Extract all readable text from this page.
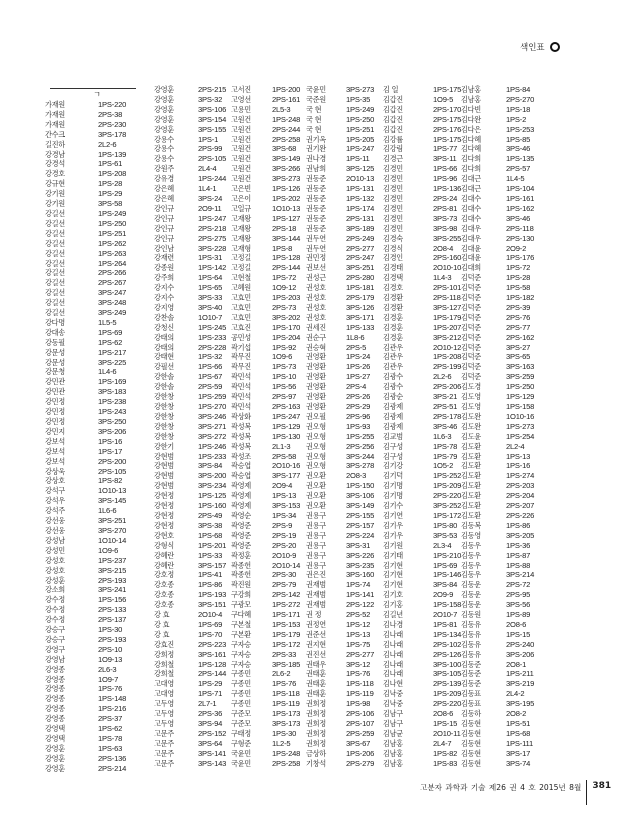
색인표
ㄱ
가재원	1PS-220
가재원	2PS-38
가재원	2PS-230
간수크	3PS-178
길진하	2L2-6
강경남	1PS-139
강경석	1PS-61
강경호	1PS-208
강규현	1PS-28
강기원	1PS-29
강기원	3PS-58
강길선	1PS-249
강길선	1PS-250
강길선	1PS-251
강길선	1PS-262
강길선	1PS-263
강길선	1PS-264
강길선	2PS-266
강길선	2PS-267
강길선	3PS-247
강길선	3PS-248
강길선	3PS-249
강다명	1L5-5
강대송	1PS-69
강동필	1PS-62
강문성	1PS-217
강문성	3PS-225
강문청	1L4-6
강민관	1PS-169
강민관	3PS-183
강민정	1PS-238
강민정	1PS-243
강민정	3PS-250
강민지	3PS-206
강보석	1PS-16
강보석	1PS-17
강보석	2PS-200
강상욱	2PS-105
강상호	1PS-82
강석구	1O10-13
강석우	3PS-145
강석주	1L6-6
강선웅	3PS-251
강선웅	3PS-270
강성남	1O10-14
강성민	1O9-6
강성호	1PS-237
강성호	3PS-215
강성훈	2PS-193
강소희	3PS-241
강수정	1PS-156
강수정	2PS-133
강수정	2PS-137
강승구	1PS-30
강승구	2PS-193
강영구	2PS-10
강영남	1O9-13
강영종	2L6-3
강영종	1O9-7
강영종	1PS-76
강영종	1PS-148
강영종	1PS-216
강영종	2PS-37
강영택	1PS-62
강영택	1PS-78
강영훈	1PS-63
강영훈	2PS-136
강영훈	2PS-214
강영훈	2PS-215
강영훈	3PS-32
강영훈	3PS-106
강영훈	3PS-154
강영훈	3PS-155
강용수	1PS-1
강용수	2PS-99
강용수	2PS-105
강원주	2L4-4
강유경	1PS-244
강은혜	1L4-1
강은혜	3PS-24
강인규	2O9-11
강인규	1PS-247
강인규	2PS-218
강인규	2PS-275
강인남	3PS-228
강재련	1PS-31
강종원	1PS-142
강주희	1PS-64
강지수	1PS-65
강지수	3PS-33
강지영	3PS-40
강찬솔	1O10-7
강청신	1PS-245
강태의	1PS-233
강태의	2PS-228
강태현	1PS-32
강필선	1PS-66
강한솔	1PS-67
강한솔	2PS-59
강한창	1PS-259
강한창	1PS-270
강한창	3PS-246
강한창	3PS-271
강한창	3PS-272
강한기	1PS-246
강현범	1PS-233
강현범	3PS-84
강현범	3PS-200
강현범	3PS-234
강현정	1PS-125
강현정	1PS-160
강현정	2PS-49
강현정	3PS-38
강현호	1PS-68
강형식	1PS-201
강혜란	1PS-33
강혜란	3PS-157
강호정	1PS-41
강호종	1PS-86
강호종	1PS-193
강호종	3PS-151
강 효	2O10-4
강 효	1PS-69
강 효	1PS-70
강효진	2PS-223
강희정	3PS-161
강희철	1PS-128
강희철	2PS-144
고대영	1PS-29
고대영	1PS-71
고두영	2L7-1
고두영	2PS-36
고두영	3PS-94
고문주	2PS-152
고문주	3PS-64
고문주	3PS-141
고문주	3PS-143
고서진	1PS-200
고영선	2PS-161
고용민	2L5-3
고원건	1PS-248
고원건	2PS-244
고원건	2PS-258
고원건	3PS-68
고원건	3PS-149
고원건	3PS-266
고원건	3PS-273
고은빈	1PS-126
고은이	1PS-202
고일규	1O10-13
고재왕	1PS-127
고재왕	2PS-18
고재왕	3PS-144
고재형	1PS-8
고정길	1PS-128
고정길	2PS-144
고현철	1PS-72
고혜원	1O9-12
고효민	1PS-203
고효민	2PS-73
고효민	3PS-202
고효진	1PS-170
공민성	1PS-204
곽기섭	1PS-92
곽무진	1O9-6
곽무진	1PS-73
곽민석	1PS-10
곽민석	1PS-56
곽민석	2PS-97
곽민석	2PS-163
곽상화	1PS-247
곽성복	1PS-129
곽성복	1PS-130
곽성복	2L1-3
곽성조	2PS-58
곽승엽	2O10-16
곽승엽	3PS-177
곽영제	2O9-4
곽영제	1PS-13
곽영제	3PS-153
곽영순	1PS-34
곽영준	2PS-9
곽영준	2PS-19
곽영준	2PS-20
곽정훈	2O10-9
곽종헌	2O10-14
곽종헌	2PS-30
곽진원	2PS-79
구강희	2PS-142
구광모	1PS-272
구다혜	1PS-171
구본철	1PS-153
구본환	1PS-179
구자승	1PS-172
구자승	2PS-33
구자승	3PS-185
구종민	2L6-2
구종민	1PS-76
구종민	1PS-118
구종민	1PS-119
구준모	1PS-173
구준모	3PS-173
구태정	1PS-30
구형준	1L2-5
국윤민	1PS-248
국윤민	2PS-258
국윤민	3PS-273
국준원	1PS-35
국 현	1PS-249
국 현	1PS-250
국 현	1PS-251
권기옥	1PS-205
권기완	1PS-247
권나경	1PS-11
권남희	3PS-125
권동준	2O10-13
권동준	1PS-131
권동준	1PS-132
권동준	1PS-174
권동준	2PS-131
권동준	3PS-189
권두연	2PS-249
권두연	2PS-277
권민정	2PS-247
권보선	3PS-251
권성근	2PS-280
권성호	1PS-181
권성호	2PS-179
권성호	3PS-126
권성호	3PS-171
권세진	1PS-133
권순구	1L8-6
권승혁	2PS-5
권영환	1PS-24
권영환	1PS-26
권영환	1PS-27
권영환	2PS-4
권영환	2PS-26
권영환	2PS-29
권오필	2PS-96
권오형	1PS-93
권오형	1PS-255
권오형	2PS-256
권오형	3PS-244
권오형	3PS-278
권오환	2O8-3
권오환	1PS-150
권오환	3PS-106
권오환	3PS-149
권용구	2PS-155
권용구	2PS-157
권용구	2PS-224
권용구	3PS-31
권용구	3PS-226
권용구	3PS-235
권은진	3PS-160
권재범	1PS-74
권재범	1PS-141
권재범	2PS-122
권 정	2PS-52
권정연	1PS-12
권준선	1PS-13
권지현	1PS-75
권진선	2PS-277
권태우	3PS-12
권태훈	1PS-76
권태훈	1PS-118
권태훈	1PS-119
권희정	1PS-98
권희정	2PS-106
권희정	2PS-107
권희정	2PS-259
권희정	3PS-67
금상하	1PS-206
기창석	2PS-279
김 일	1PS-175
김갑진	1O9-5
김갑진	2PS-170
김갑진	2PS-175
김갑진	2PS-176
김강률	1PS-175
김강림	1PS-77
김경근	3PS-11
김경민	1PS-66
김경민	1PS-96
김경민	1PS-136
김경민	2PS-24
김경민	2PS-81
김경민	3PS-73
김경민	3PS-98
김경숙	3PS-255
김경식	2O8-4
김경인	2PS-160
김경태	2O10-10
김경택	1L4-3
김경호	2PS-101
김경환	2PS-118
김경환	3PS-127
김경훈	1PS-179
김경훈	1PS-207
김경훈	3PS-212
김관우	2O10-12
김관우	1PS-208
김관우	2PS-199
김광수	2L2-6
김광수	2PS-206
김광순	3PS-21
김광제	2PS-51
김광제	2PS-178
김광제	3PS-46
김교범	1L6-3
김구성	1PS-78
김구성	1PS-79
김기강	1O5-2
김기덕	1PS-252
김기명	1PS-209
김기명	2PS-220
김기수	3PS-252
김기연	1PS-172
김기우	1PS-80
김기우	3PS-53
김기원	2L3-4
김기태	1PS-210
김기현	1PS-69
김기현	1PS-146
김기현	3PS-84
김기호	2O9-9
김기홍	1PS-158
김길년	2O10-7
김나경	1PS-81
김나래	1PS-134
김나래	2PS-102
김나래	2PS-126
김나래	3PS-100
김나래	3PS-105
김나현	2PS-139
김낙중	1PS-209
김낙중	2PS-220
김남구	2O8-6
김남구	1PS-15
김남균	2O10-11
김남홍	2L4-7
김남홍	1PS-82
김남홍	1PS-83
김남홍	1PS-84
김남홍	2PS-270
김다빈	1PS-18
김다완	1PS-2
김다은	1PS-253
김다혜	1PS-85
김다혜	3PS-46
김다희	1PS-135
김다희	2PS-57
김대근	1L4-5
김대근	1PS-104
김대수	1PS-161
김대수	1PS-162
김대수	3PS-46
김대우	2PS-118
김대우	2PS-130
김대윤	2O9-2
김대윤	1PS-176
김대희	1PS-72
김덕준	1PS-28
김덕준	1PS-58
김덕준	1PS-182
김덕준	2PS-39
김덕준	2PS-76
김덕준	2PS-77
김덕준	2PS-162
김덕준	3PS-27
김덕준	3PS-65
김덕준	3PS-163
김덕준	3PS-259
김도경	1PS-250
김도영	1PS-129
김도영	1PS-158
김도완	1O10-16
김도완	1PS-273
김도윤	1PS-254
김도환	2L2-4
김도환	1PS-13
김도환	1PS-16
김도환	1PS-274
김도환	2PS-203
김도환	2PS-204
김도환	2PS-207
김도환	2PS-226
김동복	1PS-86
김동영	3PS-205
김동우	1PS-36
김동우	1PS-87
김동우	1PS-88
김동우	3PS-214
김동운	2PS-72
김동운	2PS-95
김동운	3PS-56
김동원	1PS-89
김동유	2O8-6
김동유	1PS-15
김동유	2PS-240
김동유	3PS-206
김동준	2O8-1
김동준	1PS-211
김동준	3PS-219
김동표	2L4-2
김동표	3PS-195
김동하	2O8-2
김동현	1PS-51
김동현	1PS-68
김동현	1PS-111
김동현	3PS-17
김동현	3PS-74
고분자 과학과 기술 제26 권 4 호 2015년 8월 381
